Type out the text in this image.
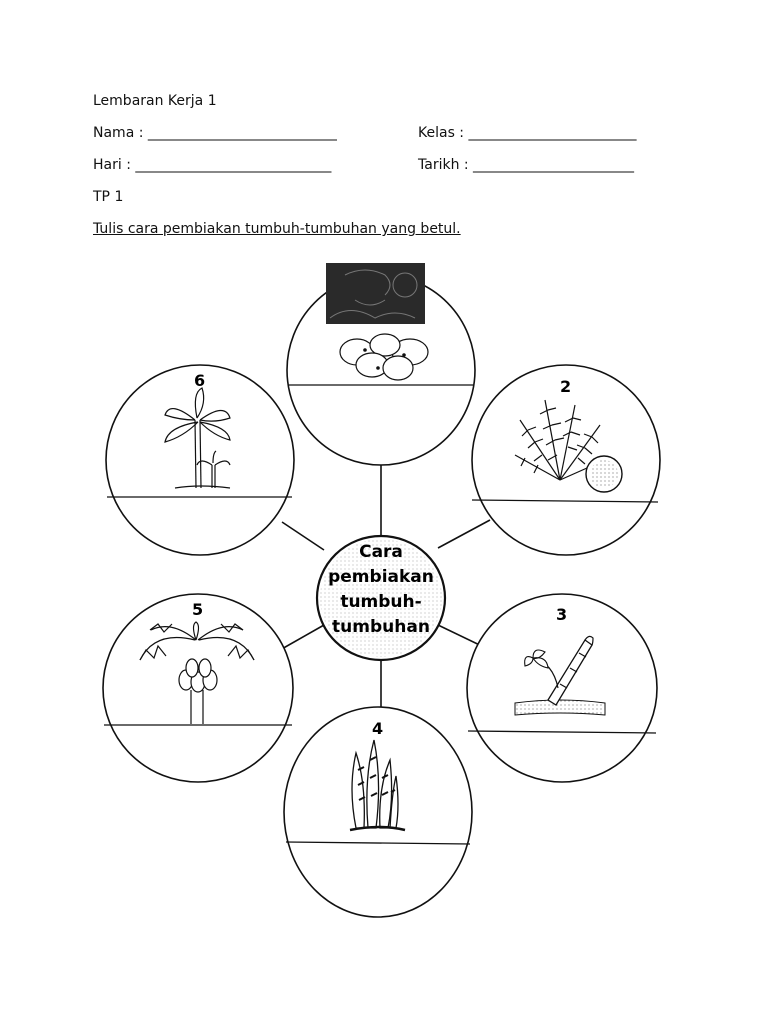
Lembaran Kerja 1
Nama : ___________________________	Kelas : ________________________
Hari : ____________________________	Tarikh : _______________________
TP 1
Tulis cara pembiakan tumbuh-tumbuhan yang betul.
2
6
5	3
4
Cara
pembiakan
tumbuh-
tumbuhan
